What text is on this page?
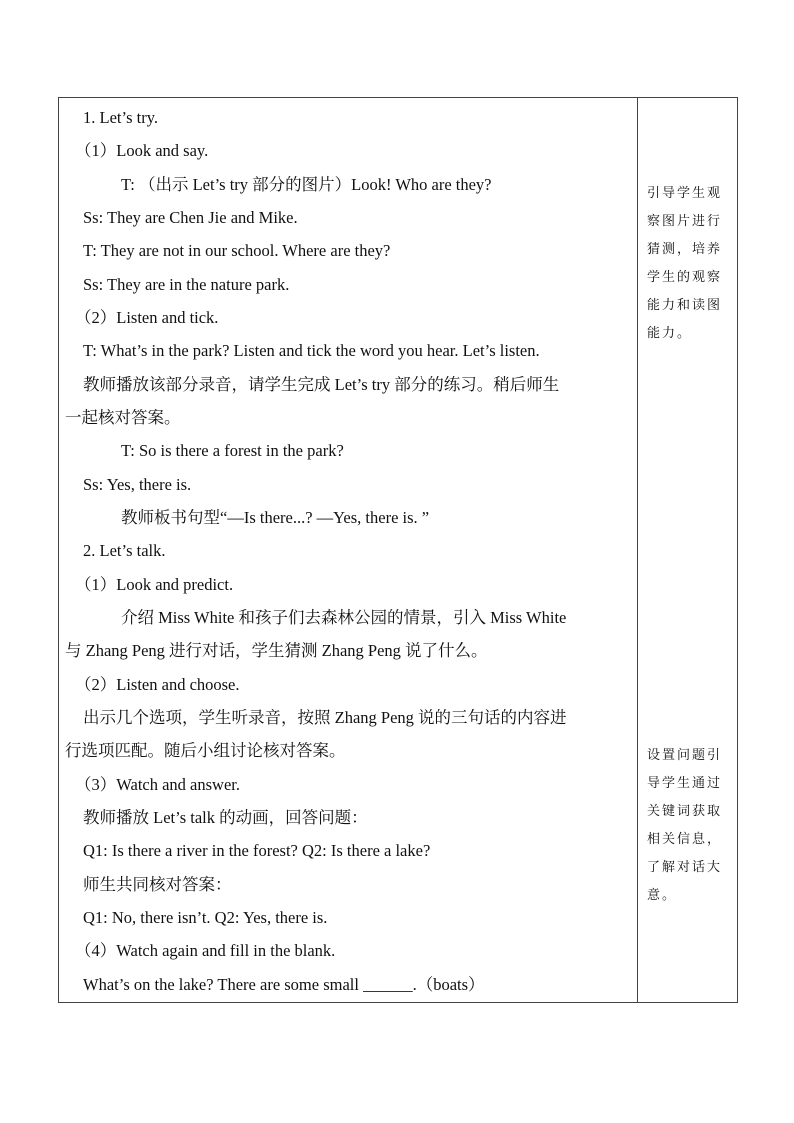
1. Let’s try.
（1）Look and say.
T: （出示 Let’s try 部分的图片）Look! Who are they?
Ss: They are Chen Jie and Mike.
T: They are not in our school. Where are they?
Ss: They are in the nature park.
（2）Listen and tick.
T: What’s in the park? Listen and tick the word you hear. Let’s listen.
教师播放该部分录音，请学生完成 Let’s try 部分的练习。稍后师生
一起核对答案。
T: So is there a forest in the park?
Ss: Yes, there is.
教师板书句型“—Is there...? —Yes, there is. ”
2. Let’s talk.
（1）Look and predict.
介绍 Miss White 和孩子们去森林公园的情景，引入 Miss White
与 Zhang Peng 进行对话，学生猜测 Zhang Peng 说了什么。
（2）Listen and choose.
出示几个选项，学生听录音，按照 Zhang Peng 说的三句话的内容进
行选项匹配。随后小组讨论核对答案。
（3）Watch and answer.
教师播放 Let’s talk 的动画，回答问题：
Q1: Is there a river in the forest? Q2: Is there a lake?
师生共同核对答案：
Q1: No, there isn’t. Q2: Yes, there is.
（4）Watch again and fill in the blank.
What’s on the lake? There are some small ______.（boats）
引导学生观
察图片进行
猜测，培养
学生的观察
能力和读图
能力。
设置问题引
导学生通过
关键词获取
相关信息，
了解对话大
意。
